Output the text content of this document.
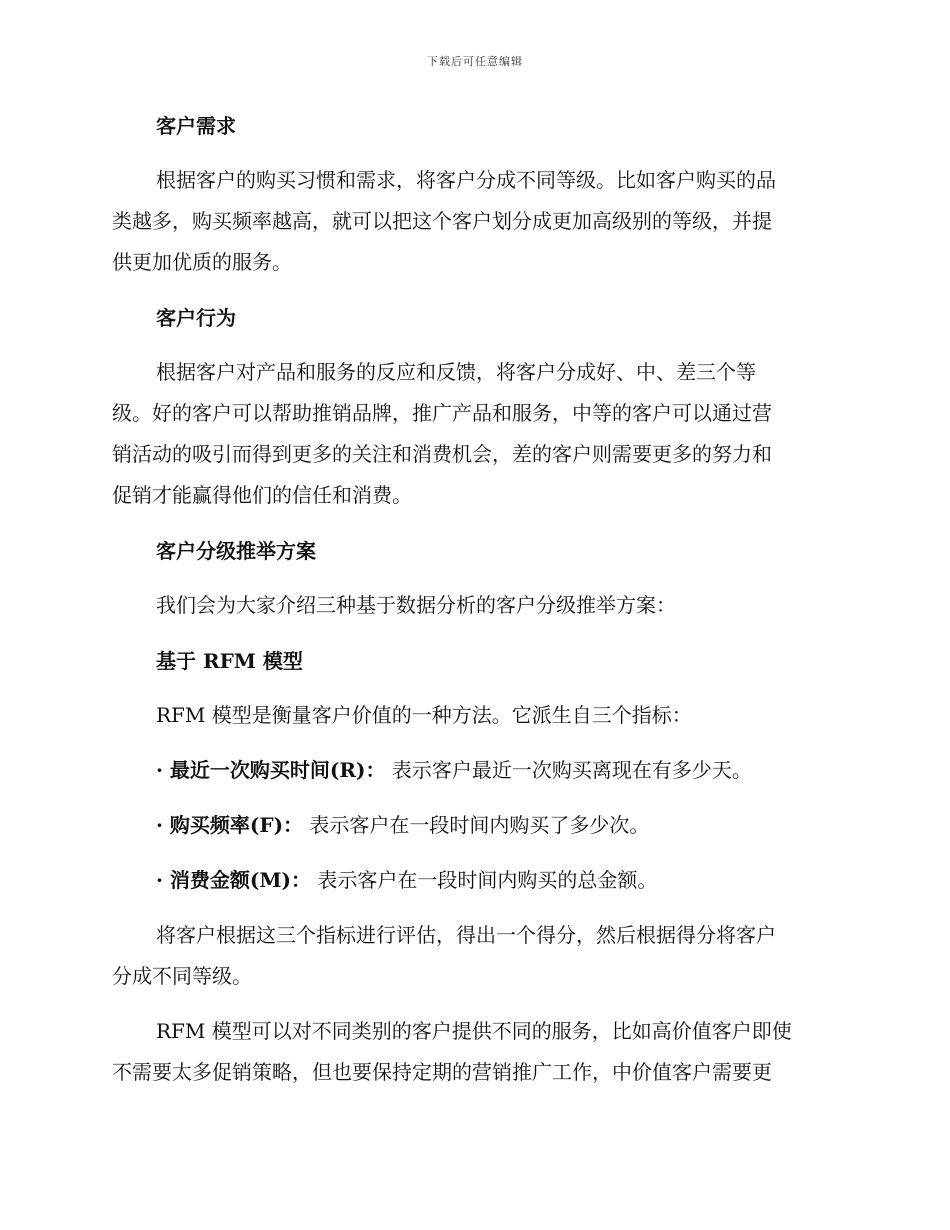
下载后可任意编辑
客户需求

根据客户的购买习惯和需求，将客户分成不同等级。比如客户购买的品
类越多，购买频率越高，就可以把这个客户划分成更加高级别的等级，并提
供更加优质的服务。

客户行为

根据客户对产品和服务的反应和反馈，将客户分成好、中、差三个等
级。好的客户可以帮助推销品牌，推广产品和服务，中等的客户可以通过营
销活动的吸引而得到更多的关注和消费机会，差的客户则需要更多的努力和
促销才能赢得他们的信任和消费。

客户分级推举方案

我们会为大家介绍三种基于数据分析的客户分级推举方案：

基于 RFM 模型

RFM 模型是衡量客户价值的一种方法。它派生自三个指标：

· 最近一次购买时间(R)： 表示客户最近一次购买离现在有多少天。

· 购买频率(F)： 表示客户在一段时间内购买了多少次。

· 消费金额(M)： 表示客户在一段时间内购买的总金额。

将客户根据这三个指标进行评估，得出一个得分，然后根据得分将客户
分成不同等级。

RFM 模型可以对不同类别的客户提供不同的服务，比如高价值客户即使
不需要太多促销策略，但也要保持定期的营销推广工作，中价值客户需要更
